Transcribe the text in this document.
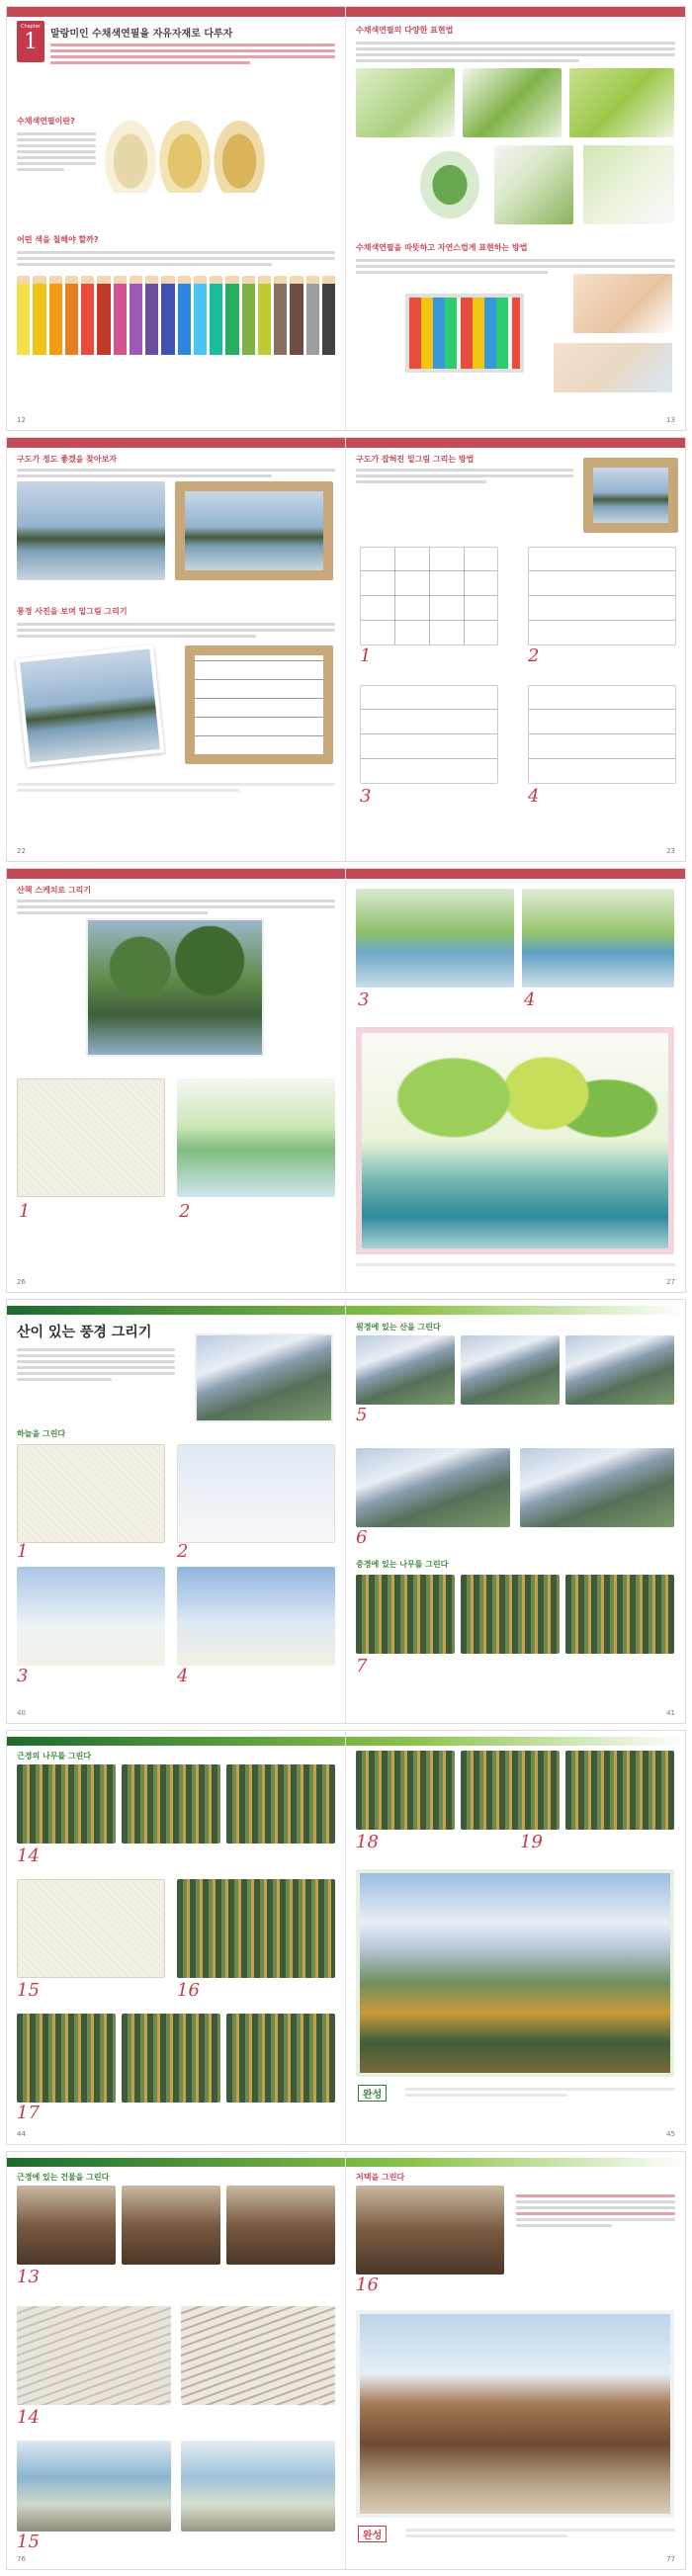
Chapter
1	말랑미인 수채색연필을 자유자재로 다루자
수채색연필이란?
어떤 색을 칠해야 할까?
12
수채색연필의 다양한 표현법
수채색연필을 따뜻하고 자연스럽게 표현하는 방법
13
구도가 정도 좋겠을 찾아보자
풍경 사진을 보며 밑그림 그리기
22
구도가 잡혀진 밑그림 그리는 방법
1	2
3	4
23
산책 스케치로 그리기
1	2
26
3	4
27
산이 있는 풍경 그리기
하늘을 그린다
1	2
3	4
40
원경에 있는 산을 그린다
5
6
중경에 있는 나무를 그린다
7
41
근경의 나무를 그린다
14
15	16
17
44
18	19
완성
45
근경에 있는 건물을 그린다
13
14
15
76
저택을 그린다
16
완성
77
